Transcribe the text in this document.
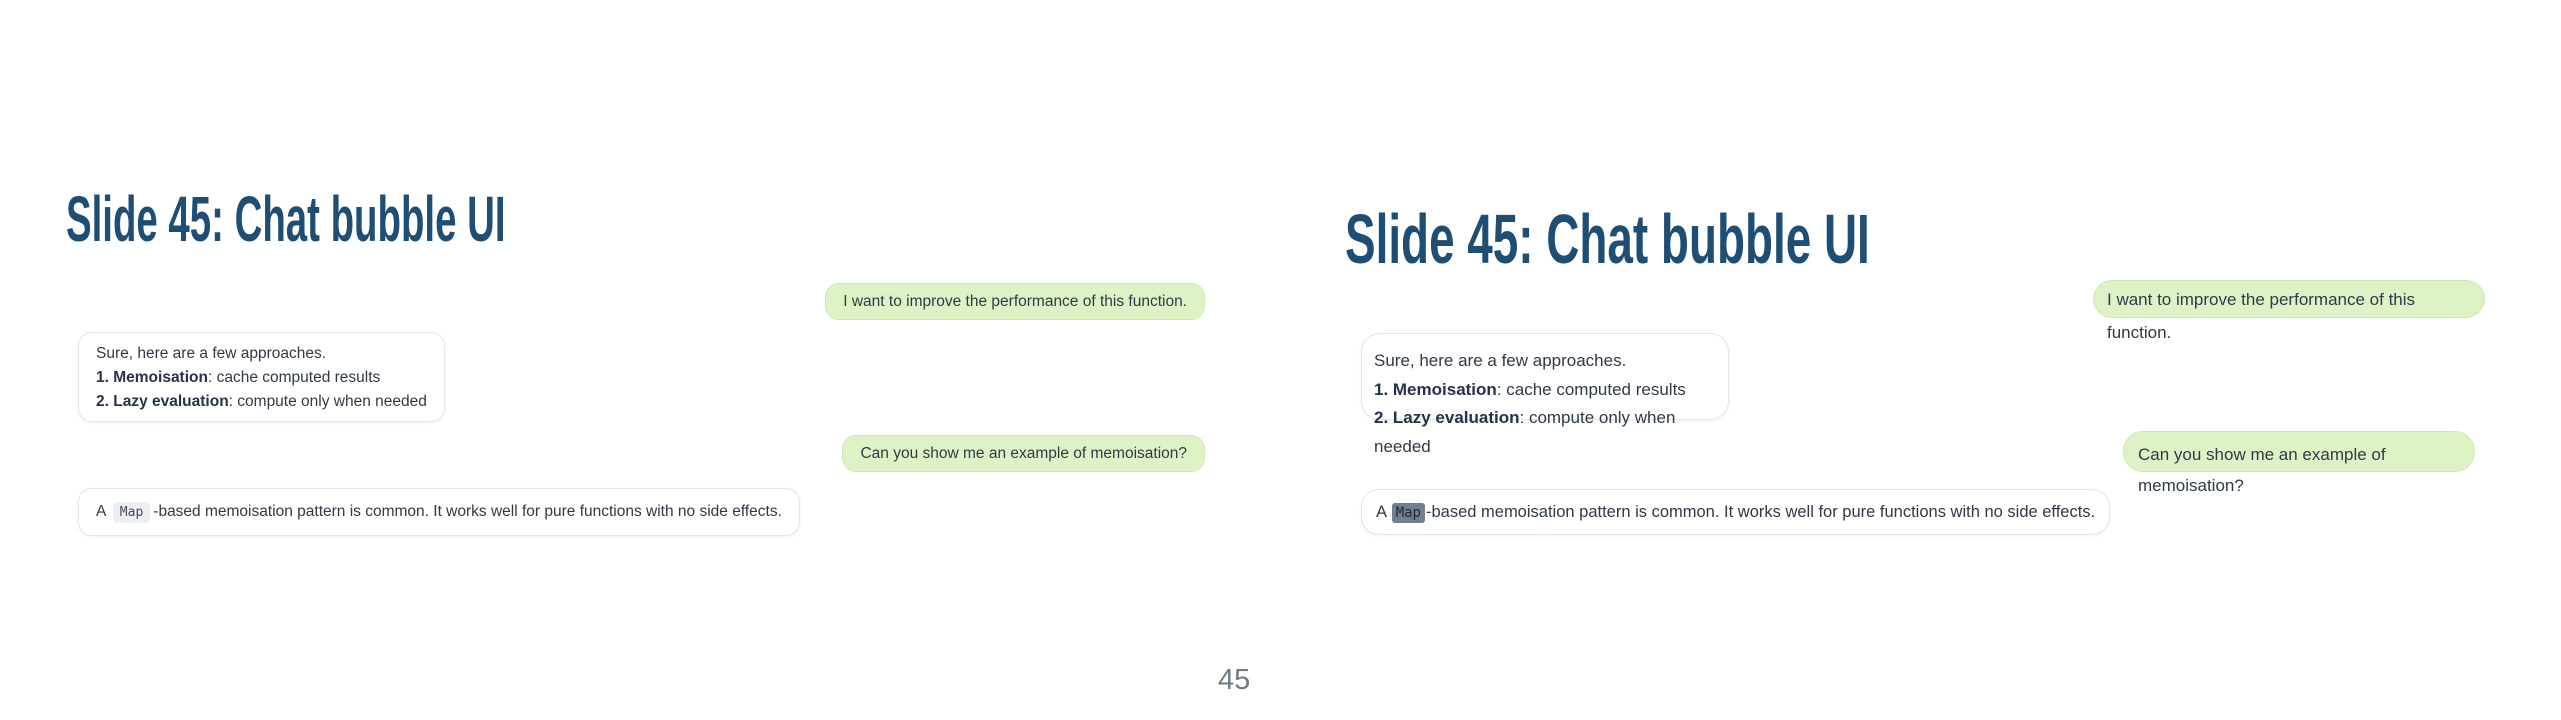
Slide 45: Chat bubble UI
I want to improve the performance of this function.
Sure, here are a few approaches.
1. Memoisation: cache computed results
2. Lazy evaluation: compute only when needed
Can you show me an example of memoisation?
A Map -based memoisation pattern is common. It works well for pure functions with no side effects.
Slide 45: Chat bubble UI
I want to improve the performance of this function.
Sure, here are a few approaches.
1. Memoisation: cache computed results
2. Lazy evaluation: compute only when needed	Can you show me an example of memoisation?
A Map -based memoisation pattern is common. It works well for pure functions with no side effects.
45
